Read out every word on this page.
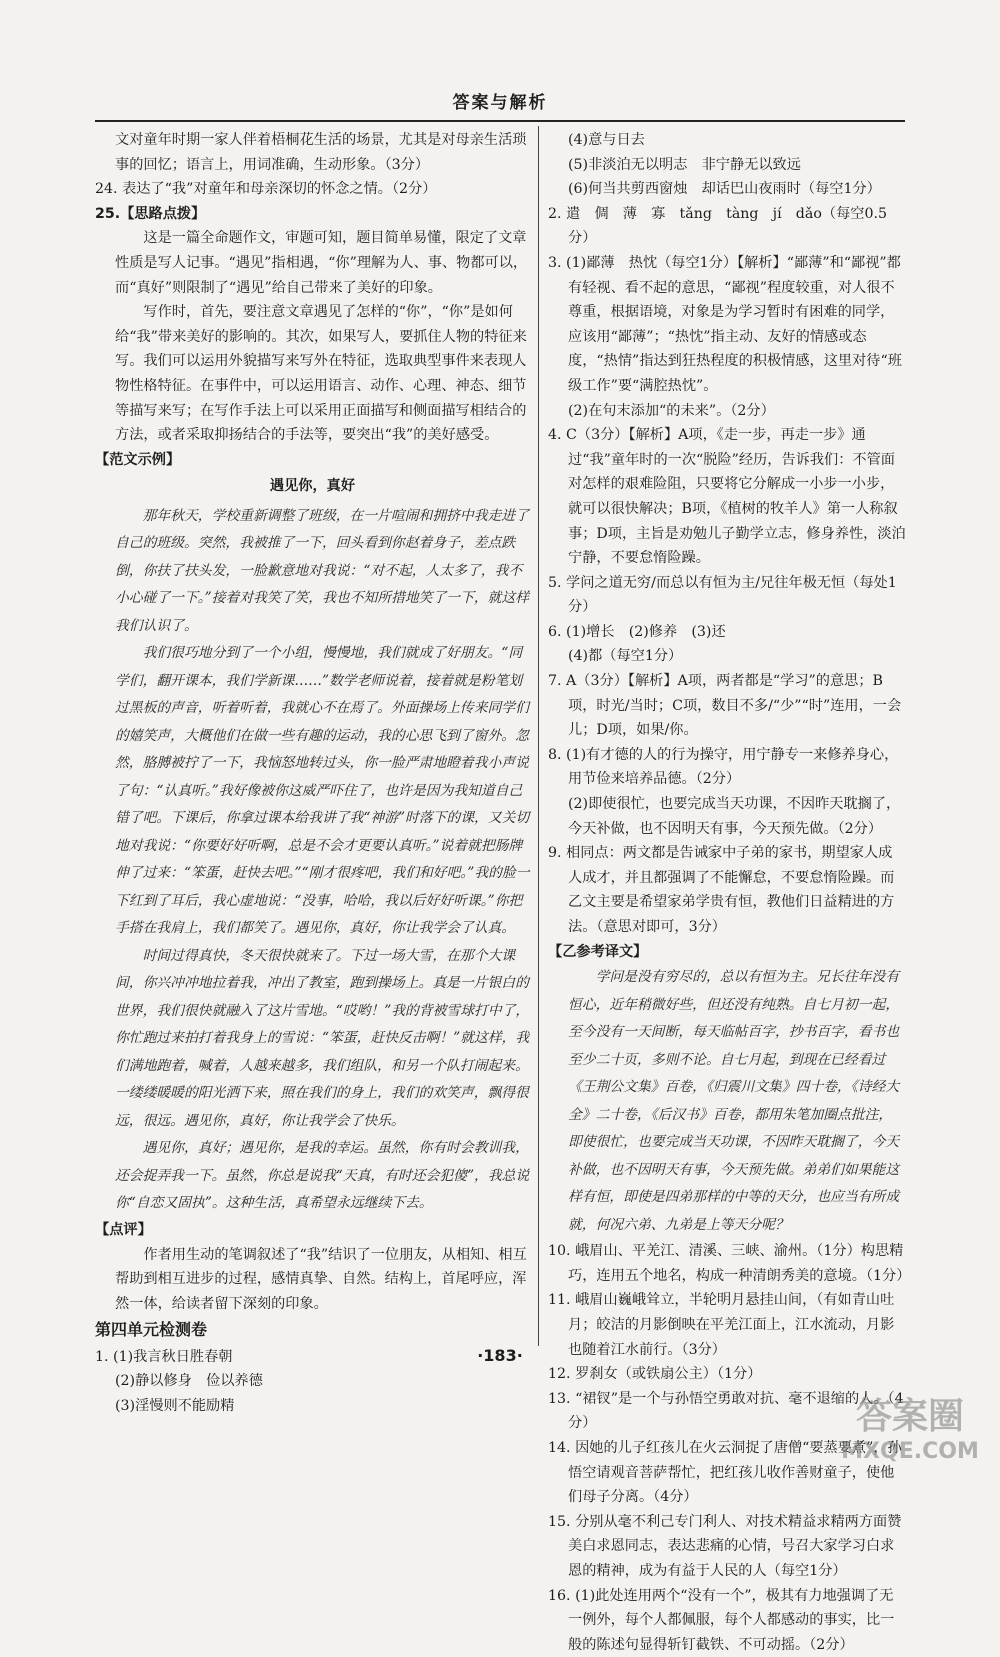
答案与解析

文对童年时期一家人伴着梧桐花生活的场景，尤其是对母亲生活琐事的回忆；语言上，用词准确，生动形象。（3分）

24. 表达了“我”对童年和母亲深切的怀念之情。（2分）

25.【思路点拨】

这是一篇全命题作文，审题可知，题目简单易懂，限定了文章性质是写人记事。“遇见”指相遇，“你”理解为人、事、物都可以，而“真好”则限制了“遇见”给自己带来了美好的印象。

写作时，首先，要注意文章遇见了怎样的“你”，“你”是如何给“我”带来美好的影响的。其次，如果写人，要抓住人物的特征来写。我们可以运用外貌描写来写外在特征，选取典型事件来表现人物性格特征。在事件中，可以运用语言、动作、心理、神态、细节等描写来写；在写作手法上可以采用正面描写和侧面描写相结合的方法，或者采取抑扬结合的手法等，要突出“我”的美好感受。

【范文示例】

遇见你，真好

那年秋天，学校重新调整了班级，在一片喧闹和拥挤中我走进了自己的班级。突然，我被推了一下，回头看到你赵着身子，差点跌倒，你扶了扶头发，一脸歉意地对我说：“对不起，人太多了，我不小心碰了一下。”接着对我笑了笑，我也不知所措地笑了一下，就这样我们认识了。

我们很巧地分到了一个小组，慢慢地，我们就成了好朋友。“同学们，翻开课本，我们学新课……”数学老师说着，接着就是粉笔划过黑板的声音，听着听着，我就心不在焉了。外面操场上传来同学们的嬉笑声，大概他们在做一些有趣的运动，我的心思飞到了窗外。忽然，胳膊被拧了一下，我恼怒地转过头，你一脸严肃地瞪着我小声说了句：“认真听。”我好像被你这威严吓住了，也许是因为我知道自己错了吧。下课后，你拿过课本给我讲了我“神游”时落下的课，又关切地对我说：“你要好好听啊，总是不会才更要认真听。”说着就把肠牌伸了过来：“笨蛋，赶快去吧。”“刚才很疼吧，我们和好吧。”我的脸一下红到了耳后，我心虚地说：“没事，哈哈，我以后好好听课。”你把手搭在我肩上，我们都笑了。遇见你，真好，你让我学会了认真。

时间过得真快，冬天很快就来了。下过一场大雪，在那个大课间，你兴冲冲地拉着我，冲出了教室，跑到操场上。真是一片银白的世界，我们很快就融入了这片雪地。“哎哟！”我的背被雪球打中了，你忙跑过来拍打着我身上的雪说：“笨蛋，赶快反击啊！”就这样，我们满地跑着，喊着，人越来越多，我们组队，和另一个队打闹起来。一缕缕暖暖的阳光洒下来，照在我们的身上，我们的欢笑声，飘得很远，很远。遇见你，真好，你让我学会了快乐。

遇见你，真好；遇见你，是我的幸运。虽然，你有时会教训我，还会捉弄我一下。虽然，你总是说我“天真，有时还会犯傻”，我总说你“自恋又固执”。这种生活，真希望永远继续下去。

【点评】

作者用生动的笔调叙述了“我”结识了一位朋友，从相知、相互帮助到相互进步的过程，感情真挚、自然。结构上，首尾呼应，浑然一体，给读者留下深刻的印象。

第四单元检测卷

1. (1)我言秋日胜春朝

(2)静以修身　俭以养德

(3)淫慢则不能励精

(4)意与日去

(5)非淡泊无以明志　非宁静无以致远

(6)何当共剪西窗烛　却话巴山夜雨时（每空1分）

2. 遣　倜　薄　寡　tǎng　tàng　jí　dǎo（每空0.5分）

3. (1)鄙薄　热忱（每空1分）【解析】“鄙薄”和“鄙视”都有轻视、看不起的意思，“鄙视”程度较重，对人很不尊重，根据语境，对象是为学习暂时有困难的同学，应该用“鄙薄”；“热忱”指主动、友好的情感或态度，“热情”指达到狂热程度的积极情感，这里对待“班级工作”要“满腔热忱”。

(2)在句末添加“的未来”。（2分）

4. C（3分）【解析】A项，《走一步，再走一步》通过“我”童年时的一次“脱险”经历，告诉我们：不管面对怎样的艰难险阻，只要将它分解成一小步一小步，就可以很快解决；B项，《植树的牧羊人》第一人称叙事；D项，主旨是劝勉儿子勤学立志，修身养性，淡泊宁静，不要怠惰险躁。

5. 学问之道无穷/而总以有恒为主/兄往年极无恒（每处1分）

6. (1)增长　(2)修养　(3)还

(4)都（每空1分）

7. A（3分）【解析】A项，两者都是“学习”的意思；B项，时光/当时；C项，数目不多/“少”“时”连用，一会儿；D项，如果/你。

8. (1)有才德的人的行为操守，用宁静专一来修养身心，用节俭来培养品德。（2分）

(2)即使很忙，也要完成当天功课，不因昨天耽搁了，今天补做，也不因明天有事，今天预先做。（2分）

9. 相同点：两文都是告诫家中子弟的家书，期望家人成人成才，并且都强调了不能懈怠，不要怠惰险躁。而乙文主要是希望家弟学贵有恒，教他们日益精进的方法。（意思对即可，3分）

【乙参考译文】

学问是没有穷尽的，总以有恒为主。兄长往年没有恒心，近年稍微好些，但还没有纯熟。自七月初一起，至今没有一天间断，每天临帖百字，抄书百字，看书也至少二十页，多则不论。自七月起，到现在已经看过《王荆公文集》百卷，《归震川文集》四十卷，《诗经大全》二十卷，《后汉书》百卷，都用朱笔加圈点批注，即使很忙，也要完成当天功课，不因昨天耽搁了，今天补做，也不因明天有事，今天预先做。弟弟们如果能这样有恒，即使是四弟那样的中等的天分，也应当有所成就，何况六弟、九弟是上等天分呢？

10. 峨眉山、平羌江、清溪、三峡、渝州。（1分）构思精巧，连用五个地名，构成一种清朗秀美的意境。（1分）

11. 峨眉山巍峨耸立，半轮明月悬挂山间，（有如青山吐月；皎洁的月影倒映在平羌江面上，江水流动，月影也随着江水前行。（3分）

12. 罗刹女（或铁扇公主）（1分）

13. “裙钗”是一个与孙悟空勇敢对抗、毫不退缩的人。（4分）

14. 因她的儿子红孩儿在火云洞捉了唐僧“要蒸要煮”，孙悟空请观音菩萨帮忙，把红孩儿收作善财童子，使他们母子分离。（4分）

15. 分别从毫不利己专门利人、对技术精益求精两方面赞美白求恩同志，表达悲痛的心情，号召大家学习白求恩的精神，成为有益于人民的人（每空1分）

16. (1)此处连用两个“没有一个”，极其有力地强调了无一例外，每个人都佩服，每个人都感动的事实，比一般的陈述句显得斩钉截铁、不可动摇。（2分）

·183·
答案圈
MXQE.COM
